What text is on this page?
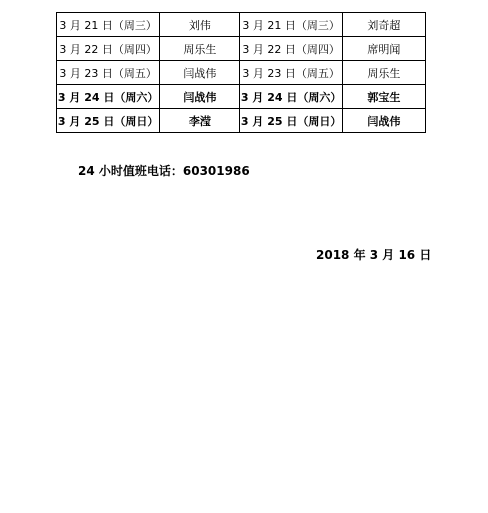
3 月 21 日（周三）	刘伟	3 月 21 日（周三）	刘奇超
3 月 22 日（周四）	周乐生	3 月 22 日（周四）	席明闻
3 月 23 日（周五）	闫战伟	3 月 23 日（周五）	周乐生
3 月 24 日（周六）	闫战伟	3 月 24 日（周六）	郭宝生
3 月 25 日（周日）	李滢	3 月 25 日（周日）	闫战伟
24 小时值班电话：60301986
2018 年 3 月 16 日
